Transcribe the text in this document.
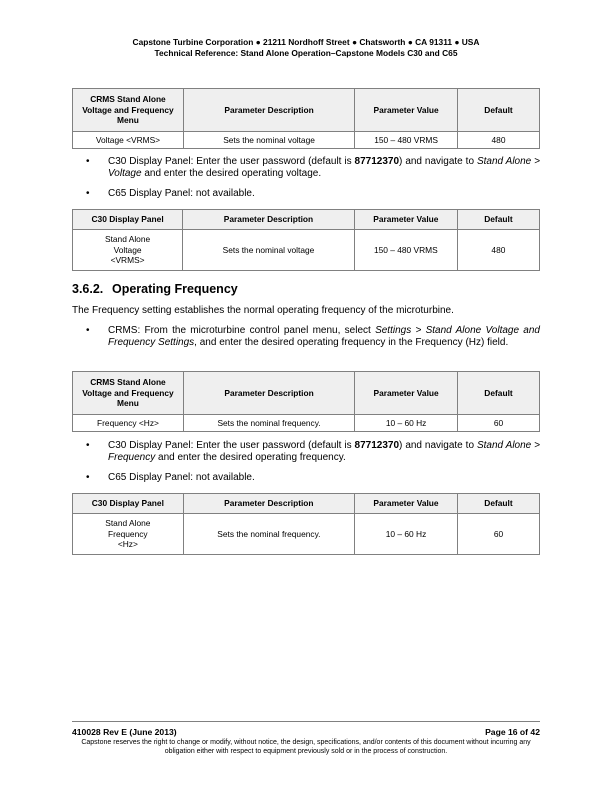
Capstone Turbine Corporation ● 21211 Nordhoff Street ● Chatsworth ● CA 91311 ● USA
Technical Reference: Stand Alone Operation–Capstone Models C30 and C65
CRMS Stand Alone Voltage and Frequency Menu	Parameter Description	Parameter Value	Default
Voltage <VRMS>	Sets the nominal voltage	150 – 480 VRMS	480
• C30 Display Panel: Enter the user password (default is 87712370) and navigate to Stand Alone > Voltage and enter the desired operating voltage.
• C65 Display Panel: not available.
C30 Display Panel	Parameter Description	Parameter Value	Default

Stand Alone
Voltage
<VRMS>	Sets the nominal voltage	150 – 480 VRMS	480
3.6.2. Operating Frequency
The Frequency setting establishes the normal operating frequency of the microturbine.
• CRMS: From the microturbine control panel menu, select Settings > Stand Alone Voltage and Frequency Settings, and enter the desired operating frequency in the Frequency (Hz) field.
CRMS Stand Alone Voltage and Frequency Menu	Parameter Description	Parameter Value	Default
Frequency <Hz>	Sets the nominal frequency.	10 – 60 Hz	60
• C30 Display Panel: Enter the user password (default is 87712370) and navigate to Stand Alone > Frequency and enter the desired operating frequency.
• C65 Display Panel: not available.
C30 Display Panel	Parameter Description	Parameter Value	Default

Stand Alone
Frequency
<Hz>	Sets the nominal frequency.	10 – 60 Hz	60
410028 Rev E (June 2013)	Page 16 of 42
Capstone reserves the right to change or modify, without notice, the design, specifications, and/or contents of this document without incurring any obligation either with respect to equipment previously sold or in the process of construction.
